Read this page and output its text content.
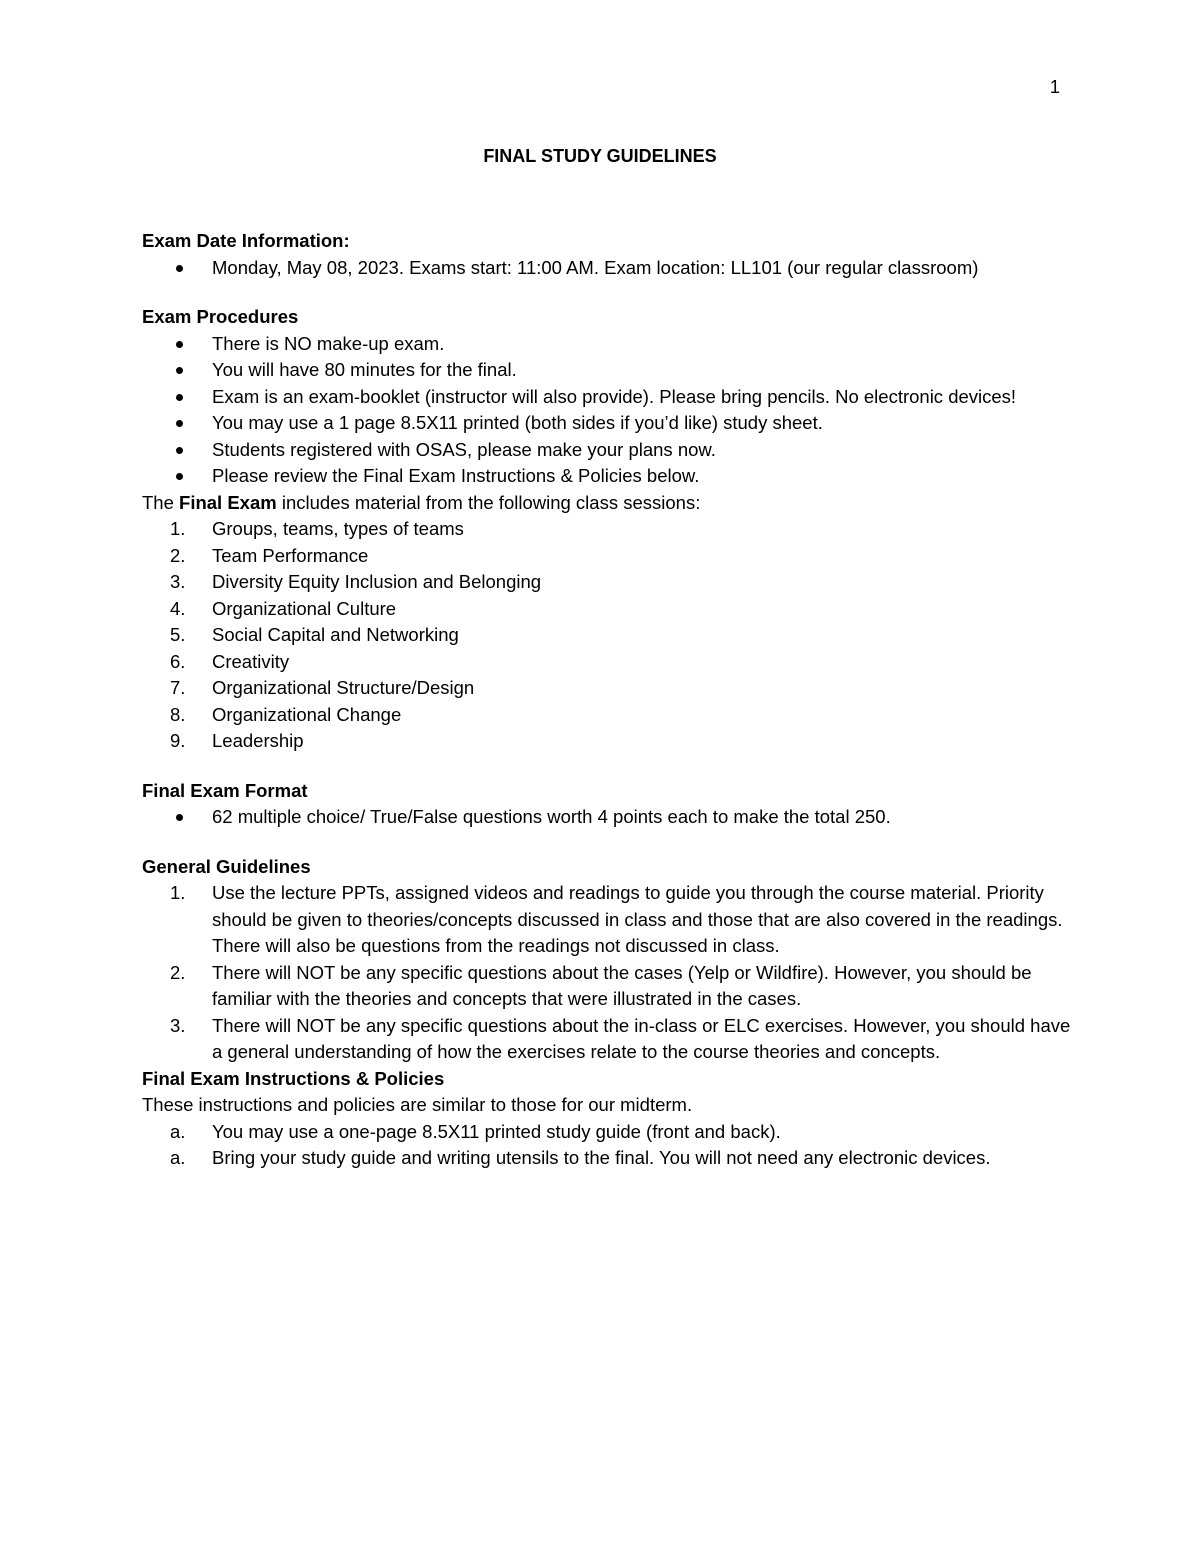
1
FINAL STUDY GUIDELINES

Exam Date Information:

Monday, May 08, 2023. Exams start: 11:00 AM. Exam location: LL101 (our regular classroom)

Exam Procedures

There is NO make-up exam.
You will have 80 minutes for the final.
Exam is an exam-booklet (instructor will also provide). Please bring pencils. No electronic devices!
You may use a 1 page 8.5X11 printed (both sides if you’d like) study sheet.
Students registered with OSAS, please make your plans now.
Please review the Final Exam Instructions & Policies below.

The Final Exam includes material from the following class sessions:

1.	Groups, teams, types of teams
2.	Team Performance
3.	Diversity Equity Inclusion and Belonging
4.	Organizational Culture
5.	Social Capital and Networking
6.	Creativity
7.	Organizational Structure/Design
8.	Organizational Change
9.	Leadership

Final Exam Format

62 multiple choice/ True/False questions worth 4 points each to make the total 250.

General Guidelines

1.	Use the lecture PPTs, assigned videos and readings to guide you through the course material. Priority should be given to theories/concepts discussed in class and those that are also covered in the readings. There will also be questions from the readings not discussed in class.
2.	There will NOT be any specific questions about the cases (Yelp or Wildfire). However, you should be familiar with the theories and concepts that were illustrated in the cases.
3.	There will NOT be any specific questions about the in-class or ELC exercises. However, you should have a general understanding of how the exercises relate to the course theories and concepts.

Final Exam Instructions & Policies

These instructions and policies are similar to those for our midterm.

a.	You may use a one-page 8.5X11 printed study guide (front and back).
a.	Bring your study guide and writing utensils to the final. You will not need any electronic devices.
